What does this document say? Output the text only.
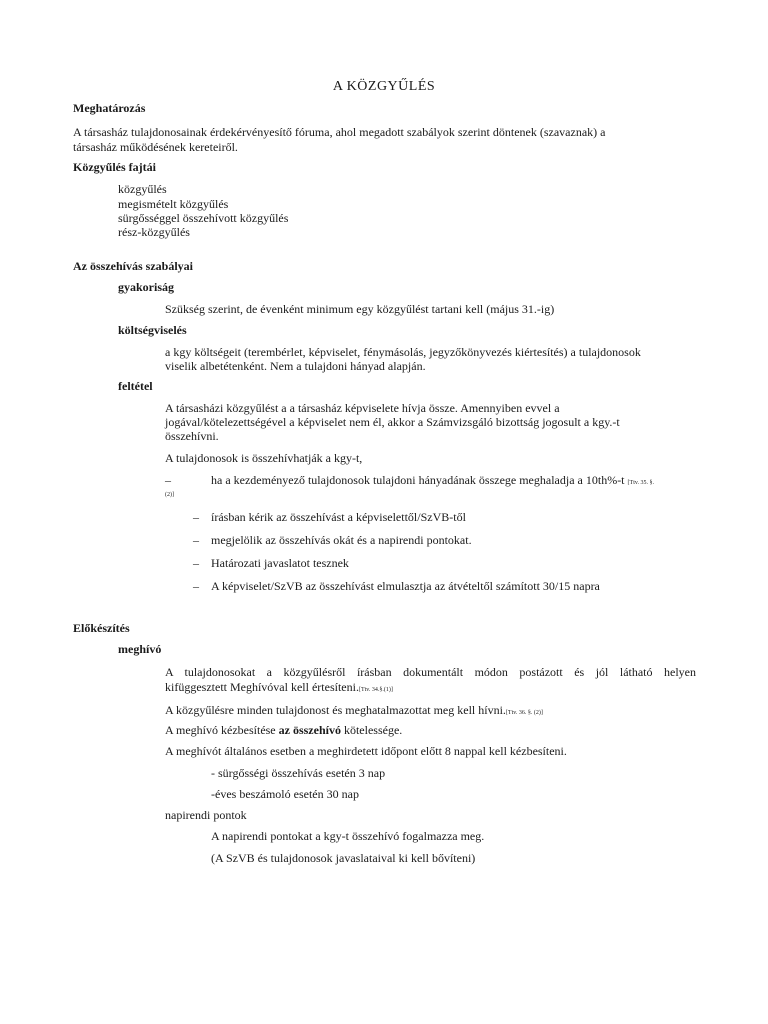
A KÖZGYŰLÉS
Meghatározás
A társasház tulajdonosainak érdekérvényesítő fóruma, ahol megadott szabályok szerint döntenek (szavaznak) a
társasház működésének kereteiről.
Közgyűlés fajtái
közgyűlés
megismételt közgyűlés
sürgősséggel összehívott közgyűlés
rész-közgyűlés
Az összehívás szabályai
gyakoriság
Szükség szerint, de évenként minimum egy közgyűlést tartani kell (május 31.-ig)
költségviselés
a kgy költségeit (terembérlet, képviselet, fénymásolás, jegyzőkönyvezés kiértesítés) a tulajdonosok
viselik albetétenként. Nem a tulajdoni hányad alapján.
feltétel
A társasházi közgyűlést a a társasház képviselete hívja össze. Amennyiben evvel a
jogával/kötelezettségével a képviselet nem él, akkor a Számvizsgáló bizottság jogosult a kgy.-t
összehívni.
A tulajdonosok is összehívhatják a kgy-t,
–	ha a kezdeményező tulajdonosok tulajdoni hányadának összege meghaladja a 10th%-t [Ttv. 35. §.
(2)]
– írásban kérik az összehívást a képviselettől/SzVB-től
– megjelölik az összehívás okát és a napirendi pontokat.
– Határozati javaslatot tesznek
– A képviselet/SzVB az összehívást elmulasztja az átvételtől számított 30/15 napra
Előkészítés
meghívó
A tulajdonosokat a közgyűlésről írásban dokumentált módon postázott és jól látható helyen
kifüggesztett Meghívóval kell értesíteni.[Ttv. 34.§.(1)]
A közgyűlésre minden tulajdonost és meghatalmazottat meg kell hívni.[Ttv. 36. §. (2)]
A meghívó kézbesítése az összehívó kötelessége.
A meghívót általános esetben a meghirdetett időpont előtt 8 nappal kell kézbesíteni.
- sürgősségi összehívás esetén 3 nap
-éves beszámoló esetén 30 nap
napirendi pontok
A napirendi pontokat a kgy-t összehívó fogalmazza meg.
(A SzVB és tulajdonosok javaslataival ki kell bővíteni)
